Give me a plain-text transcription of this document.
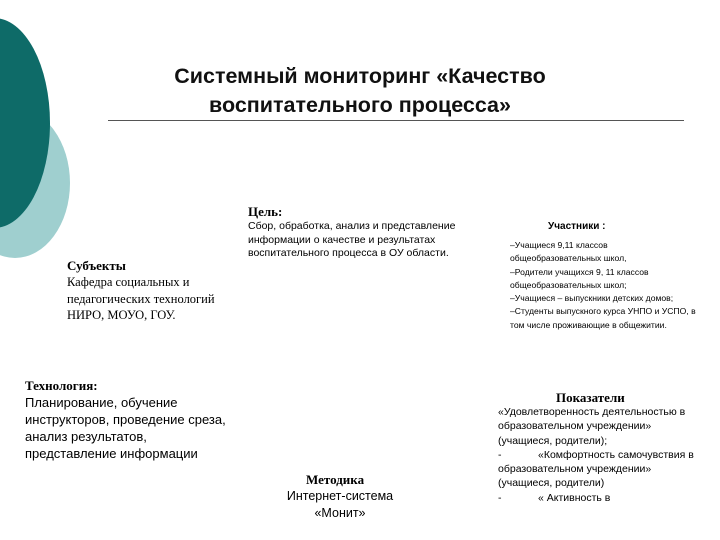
Системный мониторинг «Качество
воспитательного процесса»
Цель:
Сбор, обработка, анализ и представление информации о качестве и результатах воспитательного процесса в ОУ области.
Субъекты
Кафедра социальных и педагогических технологий НИРО, МОУО, ГОУ.
Участники :
–Учащиеся 9,11 классов общеобразовательных школ,
–Родители учащихся 9, 11 классов общеобразовательных школ;
–Учащиеся – выпускники детских домов;
–Студенты выпускного курса УНПО и УСПО, в том числе проживающие в общежитии.
Технология:
Планирование, обучение инструкторов, проведение среза, анализ результатов, представление информации
Показатели

«Удовлетворенность деятельностью в образовательном учреждении» (учащиеся, родители);

-	«Комфортность самочувствия в образовательном учреждении» (учащиеся, родители)

-	« Активность в

Методика
Интернет-система «Монит»
